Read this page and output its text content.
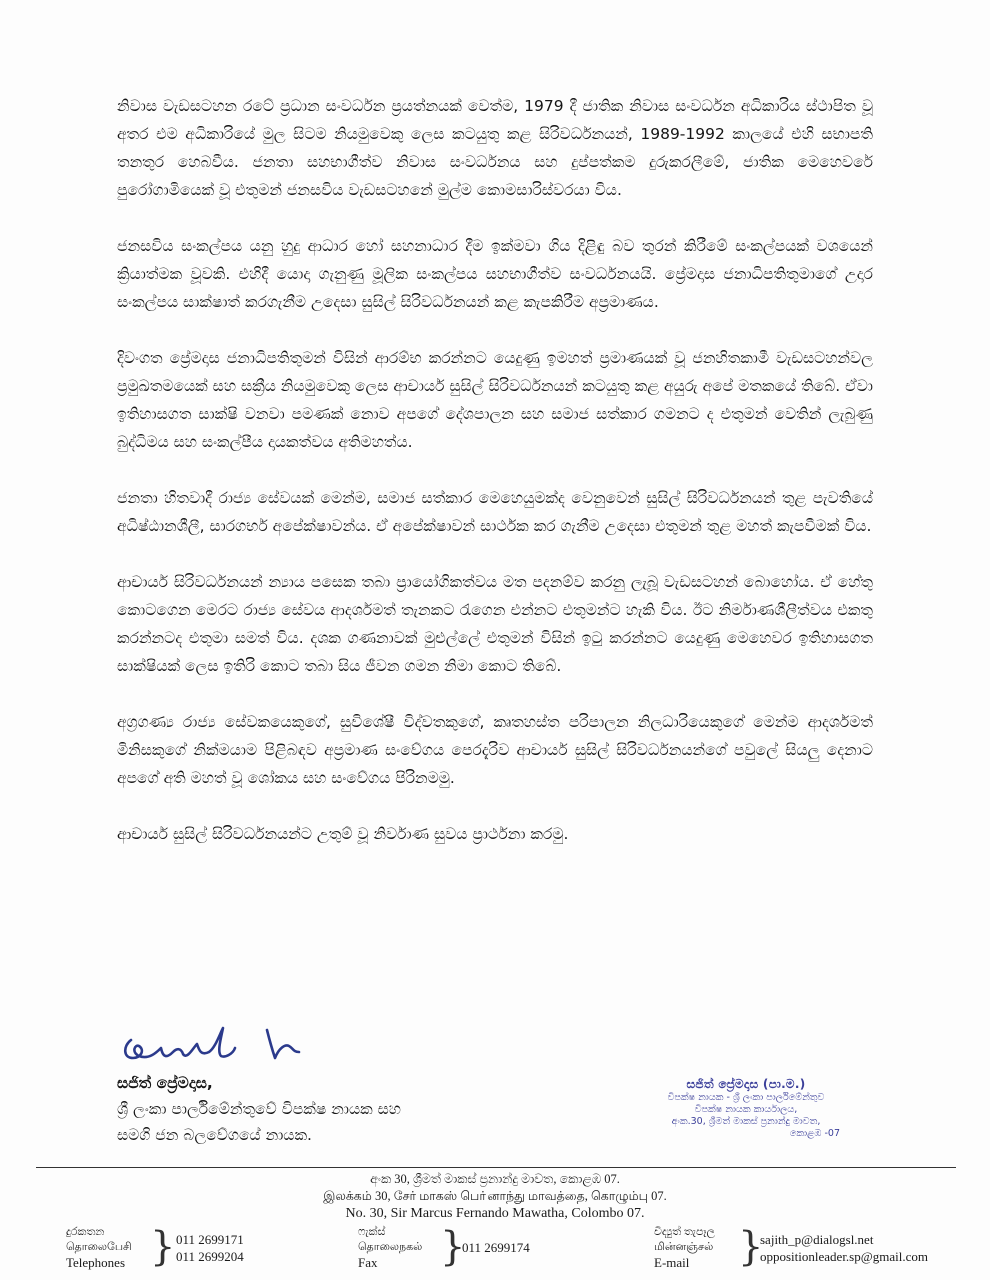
නිවාස වැඩසටහන රටේ ප්‍රධාන සංවර්ධන ප්‍රයත්නයක් වෙත්ම, 1979 දී ජාතික නිවාස සංවර්ධන අධිකාරිය ස්ථාපිත වූ අතර එම අධිකාරියේ මුල සිටම නියමුවෙකු ලෙස කටයුතු කළ සිරිවර්ධනයන්, 1989-1992 කාලයේ එහි සභාපති තනතුර හෙබවීය. ජනතා සහභාගීත්ව නිවාස සංවර්ධනය සහ දුප්පත්කම දුරුකරලීමේ, ජාතික මෙහෙවරේ පුරෝගාමියෙක් වූ එතුමන් ජනසවිය වැඩසටහනේ මුල්ම කොමසාරිස්වරයා විය.

ජනසවිය සංකල්පය යනු හුදු ආධාර හෝ සහනාධාර දීම ඉක්මවා ගිය දිළිඳු බව තුරන් කිරීමේ සංකල්පයක් වශයෙන් ක්‍රියාත්මක වූවකි. එහිදී යොදා ගැනුණු මූලික සංකල්පය සහභාගීත්ව සංවර්ධනයයි. ප්‍රේමදාස ජනාධිපතිතුමාගේ උදාර සංකල්පය සාක්ෂාත් කරගැනීම උදෙසා සුසිල් සිරිවර්ධනයන් කළ කැපකිරීම අප්‍රමාණය.

දිවංගත ප්‍රේමදාස ජනාධිපතිතුමන් විසින් ආරම්භ කරන්නට යෙදුණු ඉමහත් ප්‍රමාණයක් වූ ජනහිතකාමී වැඩසටහන්වල ප්‍රමුඛතමයෙක් සහ සක්‍රීය නියමුවෙකු ලෙස ආචාර්ය සුසිල් සිරිවර්ධනයන් කටයුතු කළ අයුරු අපේ මතකයේ තිබේ. ඒවා ඉතිහාසගත සාක්ෂි වනවා පමණක් නොව අපගේ දේශපාලන සහ සමාජ සත්කාර ගමනට ද එතුමන් වෙතින් ලැබුණු බුද්ධිමය සහ සංකල්පීය දායකත්වය අතිමහත්ය.

ජනතා හිතවාදී රාජ්‍ය සේවයක් මෙන්ම, සමාජ සත්කාර මෙහෙයුමක්ද වෙනුවෙන් සුසිල් සිරිවර්ධනයන් තුළ පැවතියේ අධිෂ්ඨානශීලී, සාරගර්භ අපේක්ෂාවන්ය. ඒ අපේක්ෂාවන් සාර්ථක කර ගැනීම උදෙසා එතුමන් තුළ මහත් කැපවීමක් විය.

ආචාර්ය සිරිවර්ධනයන් න්‍යාය පසෙක තබා ප්‍රායෝගිකත්වය මත පදනම්ව කරනු ලැබූ වැඩසටහන් බොහෝය. ඒ හේතු කොටගෙන මෙරට රාජ්‍ය සේවය ආදර්ශමත් තැනකට රැගෙන එන්නට එතුමන්ට හැකි විය. ඊට නිර්මාණශීලීත්වය එකතු කරන්නටද එතුමා සමත් විය. දශක ගණනාවක් මුළුල්ලේ එතුමන් විසින් ඉටු කරන්නට යෙදුණු මෙහෙවර ඉතිහාසගත සාක්ෂියක් ලෙස ඉතිරි කොට තබා සිය ජීවන ගමන නිමා කොට තිබේ.

අග්‍රගණ්‍ය රාජ්‍ය සේවකයෙකුගේ, සුවිශේෂී විද්වතකුගේ, කෘතහස්ත පරිපාලන නිලධාරියෙකුගේ මෙන්ම ආදර්ශමත් මිනිසකුගේ නික්මයාම පිළිබඳව අප්‍රමාණ සංවේගය පෙරදැරිව ආචාර්ය සුසිල් සිරිවර්ධනයන්ගේ පවුලේ සියලු දෙනාට අපගේ අති මහත් වූ ශෝකය සහ සංවේගය පිරිනමමු.

ආචාර්ය සුසිල් සිරිවර්ධනයන්ට උතුම් වූ නිර්වාණ සුවය ප්‍රාර්ථනා කරමු.

සජිත් ප්‍රේමදාස,
ශ්‍රී ලංකා පාර්ලිමේන්තුවේ විපක්ෂ නායක සහ
සමගි ජන බලවේගයේ නායක.
සජිත් ප්‍රේමදාස (පා.ම.)
විපක්ෂ නායක - ශ්‍රී ලංකා පාර්ලිමේන්තුව
විපක්ෂ නායක කාර්යාලය,
අංක.30, ශ්‍රීමත් මාකස් ප්‍රනාන්දු මාවත,
කොළඹ -07
අංක 30, ශ්‍රීමත් මාකස් ප්‍රනාන්දු මාවත, කොළඹ 07.
இலக்கம் 30, சேர் மாகஸ் பொ்னாந்து மாவத்தை, கொழும்பு 07.
No. 30, Sir Marcus Fernando Mawatha, Colombo 07.
දුරකතන
தொலைபேசி
Telephones } 011 2699171
011 2699204
ෆැක්ස්
தொலைநகல்
Fax	}
011 2699174
විද්‍යුත් තැපෑල
மின்னஞ்சல்
E-mail	}
sajith_p@dialogsl.net
oppositionleader.sp@gmail.com
